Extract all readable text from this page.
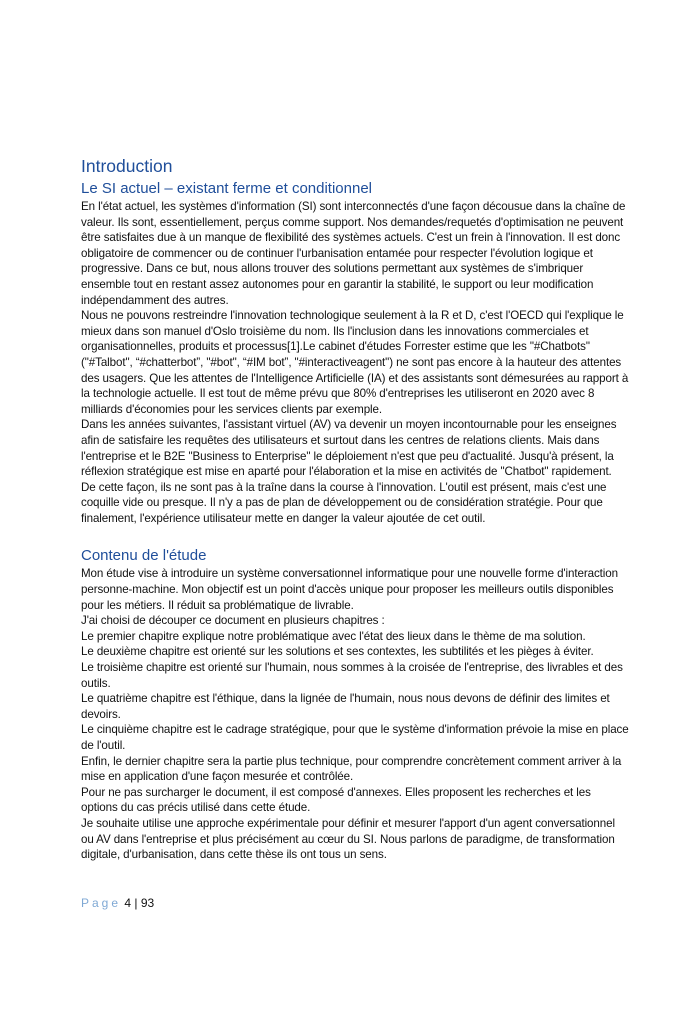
Introduction
Le SI actuel – existant ferme et conditionnel

En l'état actuel, les systèmes d'information (SI) sont interconnectés d'une façon décousue dans la chaîne de valeur. Ils sont, essentiellement, perçus comme support. Nos demandes/requetés d'optimisation ne peuvent être satisfaites due à un manque de flexibilité des systèmes actuels. C'est un frein à l'innovation. Il est donc obligatoire de commencer ou de continuer l'urbanisation entamée pour respecter l'évolution logique et progressive. Dans ce but, nous allons trouver des solutions permettant aux systèmes de s'imbriquer ensemble tout en restant assez autonomes pour en garantir la stabilité, le support ou leur modification indépendamment des autres.

Nous ne pouvons restreindre l'innovation technologique seulement à la R et D, c'est l'OECD qui l'explique le mieux dans son manuel d'Oslo troisième du nom. Ils l'inclusion dans les innovations commerciales et organisationnelles, produits et processus[1].Le cabinet d'études Forrester estime que les "#Chatbots" ("#Talbot", “#chatterbot”, "#bot", “#IM bot”, "#interactiveagent") ne sont pas encore à la hauteur des attentes des usagers. Que les attentes de l'Intelligence Artificielle (IA) et des assistants sont démesurées au rapport à la technologie actuelle. Il est tout de même prévu que 80% d'entreprises les utiliseront en 2020 avec 8 milliards d'économies pour les services clients par exemple.

Dans les années suivantes, l'assistant virtuel (AV) va devenir un moyen incontournable pour les enseignes afin de satisfaire les requêtes des utilisateurs et surtout dans les centres de relations clients. Mais dans l'entreprise et le B2E "Business to Enterprise" le déploiement n'est que peu d'actualité. Jusqu'à présent, la réflexion stratégique est mise en aparté pour l'élaboration et la mise en activités de "Chatbot" rapidement. De cette façon, ils ne sont pas à la traîne dans la course à l'innovation. L'outil est présent, mais c'est une coquille vide ou presque. Il n'y a pas de plan de développement ou de considération stratégie. Pour que finalement, l'expérience utilisateur mette en danger la valeur ajoutée de cet outil.

Contenu de l'étude

Mon étude vise à introduire un système conversationnel informatique pour une nouvelle forme d'interaction personne-machine. Mon objectif est un point d'accès unique pour proposer les meilleurs outils disponibles pour les métiers. Il réduit sa problématique de livrable.

J'ai choisi de découper ce document en plusieurs chapitres :

Le premier chapitre explique notre problématique avec l'état des lieux dans le thème de ma solution.

Le deuxième chapitre est orienté sur les solutions et ses contextes, les subtilités et les pièges à éviter.

Le troisième chapitre est orienté sur l'humain, nous sommes à la croisée de l'entreprise, des livrables et des outils.

Le quatrième chapitre est l'éthique, dans la lignée de l'humain, nous nous devons de définir des limites et devoirs.

Le cinquième chapitre est le cadrage stratégique, pour que le système d'information prévoie la mise en place de l'outil.

Enfin, le dernier chapitre sera la partie plus technique, pour comprendre concrètement comment arriver à la mise en application d'une façon mesurée et contrôlée.

Pour ne pas surcharger le document, il est composé d'annexes. Elles proposent les recherches et les options du cas précis utilisé dans cette étude.

Je souhaite utilise une approche expérimentale pour définir et mesurer l'apport d'un agent conversationnel ou AV dans l'entreprise et plus précisément au cœur du SI. Nous parlons de paradigme, de transformation digitale, d'urbanisation, dans cette thèse ils ont tous un sens.

Page 4 | 93
